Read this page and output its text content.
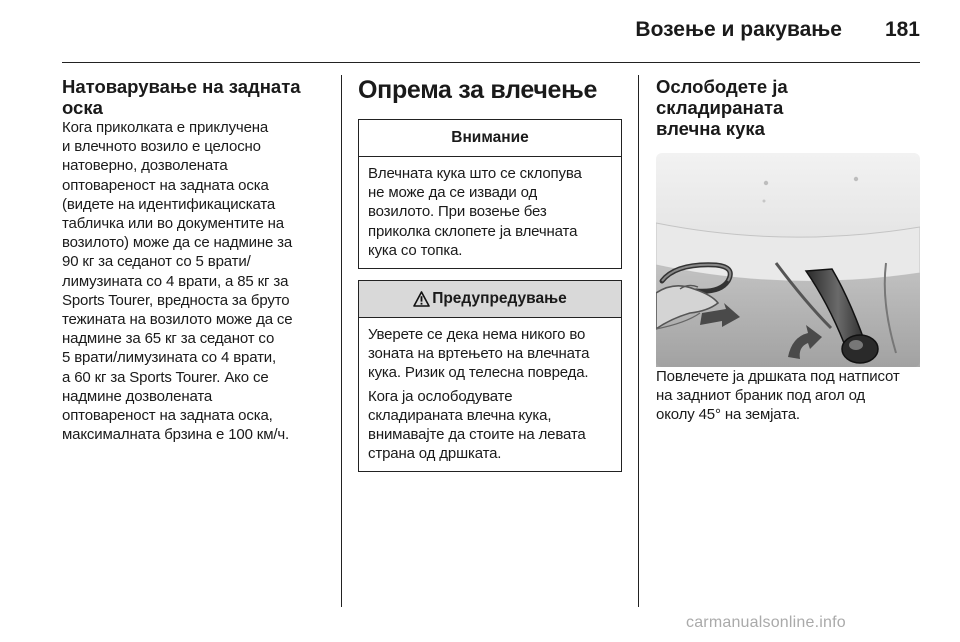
Возење и ракување 181
Натоварување на задната
оска

Кога приколката е приклучена
и влечното возило е целосно
натоверно, дозволената
оптовареност на задната оска
(видете на идентификациската
табличка или во документите на
возилото) може да се надмине за
90 кг за седанот со 5 врати/
лимузината со 4 врати, а 85 кг за
Sports Tourer, вредноста за бруто
тежината на возилото може да се
надмине за 65 кг за седанот со
5 врати/лимузината со 4 врати,
а 60 кг за Sports Tourer. Ако се
надмине дозволената
оптовареност на задната оска,
максималната брзина е 100 км/ч.

Опрема за влечење
Внимание

Влечната кука што се склопува
не може да се извади од
возилото. При возење без
приколка склопете ја влечната
кука со топка.

Предупредување

Уверете се дека нема никого во
зоната на вртењето на влечната
кука. Ризик од телесна повреда.

Кога ја ослободувате
складираната влечна кука,
внимавајте да стоите на левата
страна од дршката.

Ослободете ја складираната
влечна кука

Повлечете ја дршката под натписот
на задниот браник под агол од
околу 45° на земјата.

carmanualsonline.info
